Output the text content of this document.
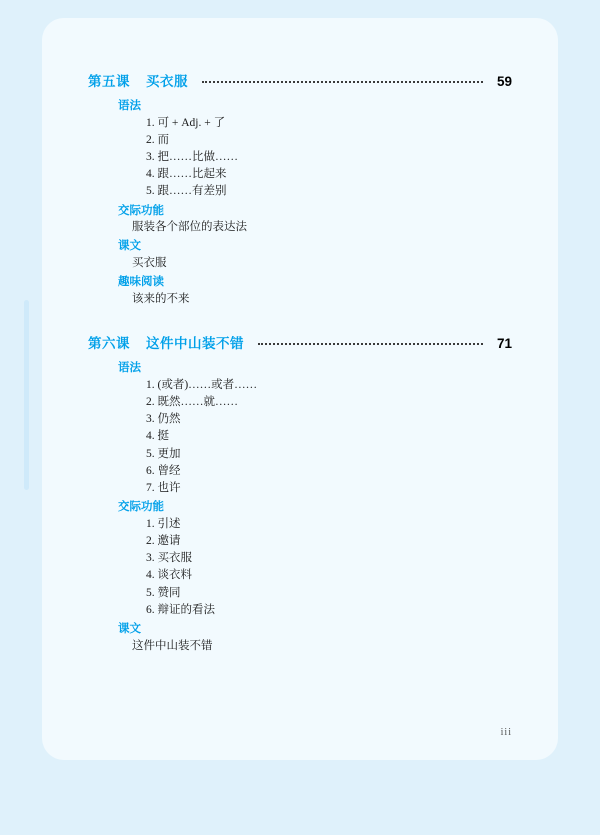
第五课 买衣服	59
语法
1. 可 + Adj. + 了
2. 而
3. 把……比做……
4. 跟……比起来
5. 跟……有差别
交际功能
服装各个部位的表达法
课文
买衣服
趣味阅读
该来的不来
第六课 这件中山装不错	71
语法
1. (或者)……或者……
2. 既然……就……
3. 仍然
4. 挺
5. 更加
6. 曾经
7. 也许
交际功能
1. 引述
2. 邀请
3. 买衣服
4. 谈衣料
5. 赞同
6. 辩证的看法
课文
这件中山装不错
iii
